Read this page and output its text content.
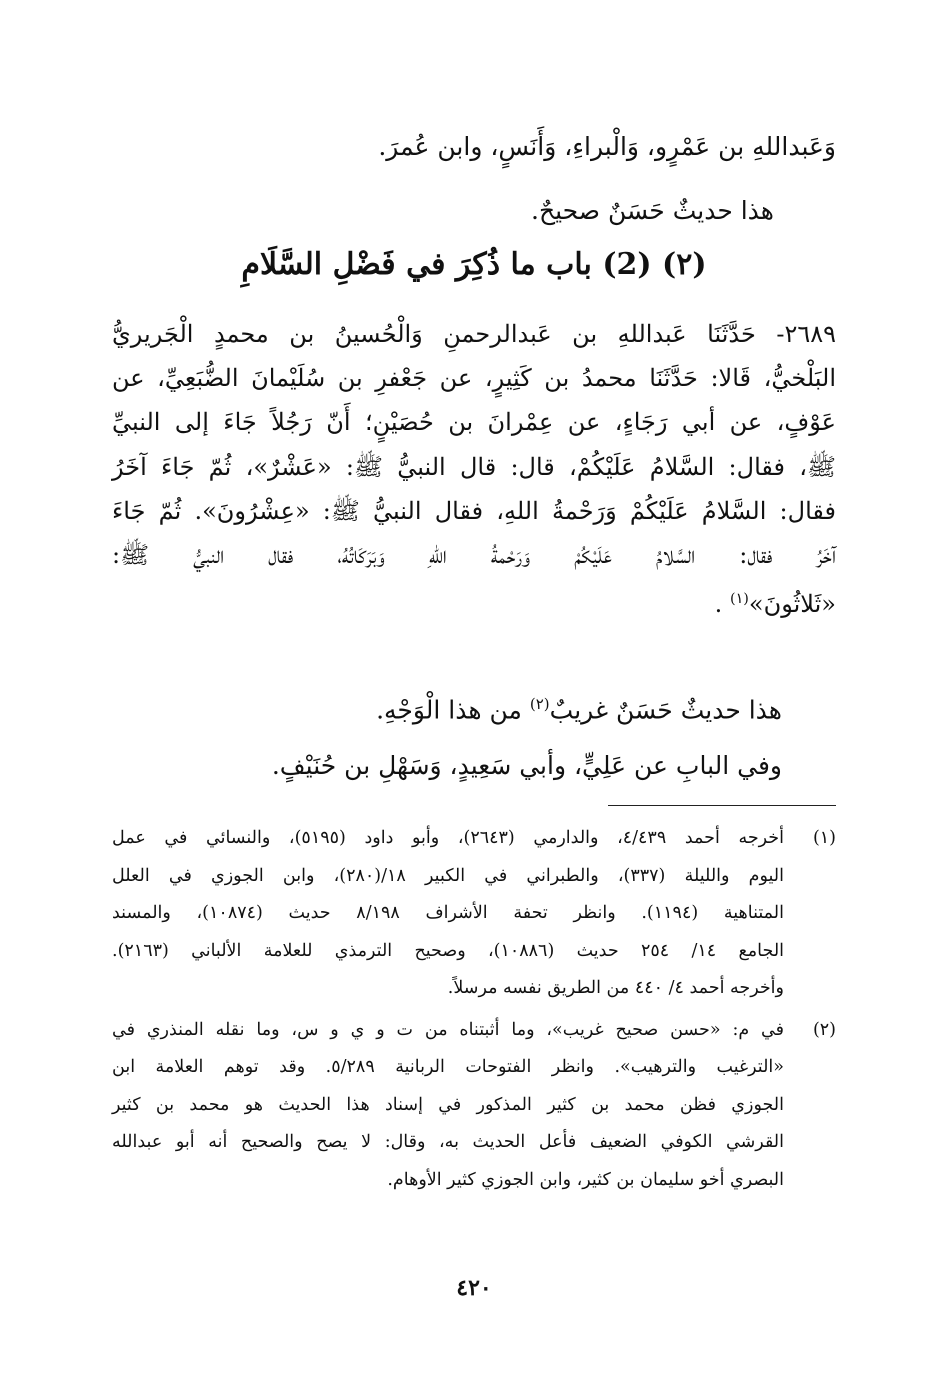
وَعَبداللهِ بن عَمْرٍو، وَالْبراءِ، وَأَنَسٍ، وابن عُمرَ.
هذا حديثٌ حَسَنٌ صحيحٌ.
(٢) (2) باب ما ذُكِرَ في فَضْلِ السَّلَامِ
٢٦٨٩- حَدَّثَنَا عَبداللهِ بن عَبدالرحمنِ وَالْحُسينُ بن محمدٍ الْجَريريُّ
البَلْخيُّ، قَالا: حَدَّثَنَا محمدُ بن كَثِيرٍ، عن جَعْفرِ بن سُلَيْمانَ الضُّبَعِيِّ، عن
عَوْفٍ، عن أبي رَجَاءٍ، عن عِمْرانَ بن حُصَيْنٍ؛ أَنّ رَجُلاً جَاءَ إلى النبيِّ
ﷺ، فقال: السَّلامُ عَلَيْكُمْ، قال: قال النبيُّ ﷺ: «عَشْرٌ»، ثُمّ جَاءَ آخَرُ
فقال: السَّلامُ عَلَيْكُمْ وَرَحْمةُ اللهِ، فقال النبيُّ ﷺ: «عِشْرُونَ». ثُمّ جَاءَ
آخَرُ فقال: السَّلامُ عَلَيْكُمْ وَرَحْمةُ اللهِ وَبَرَكَاتُهُ، فقال النبيُّ ﷺ:
«ثَلاثُونَ»$^{(١)}$ .
هذا حديثٌ حَسَنٌ غريبٌ$^{(٢)}$ من هذا الْوَجْهِ.
وفي البابِ عن عَلِيٍّ، وأبي سَعِيدٍ، وَسَهْلِ بن حُنَيْفٍ.
(١)
أخرجه أحمد ٤/٤٣٩، والدارمي (٢٦٤٣)، وأبو داود (٥١٩٥)، والنسائي في عمل
اليوم والليلة (٣٣٧)، والطبراني في الكبير ١٨/(٢٨٠)، وابن الجوزي في العلل
المتناهية (١١٩٤). وانظر تحفة الأشراف ٨/١٩٨ حديث (١٠٨٧٤)، والمسند
الجامع ١٤/ ٢٥٤ حديث (١٠٨٨٦)، وصحيح الترمذي للعلامة الألباني (٢١٦٣).
وأخرجه أحمد ٤/ ٤٤٠ من الطريق نفسه مرسلاً.
(٢)
في م: «حسن صحيح غريب»، وما أثبتناه من ت و ي و س، وما نقله المنذري في
«الترغيب والترهيب». وانظر الفتوحات الربانية ٥/٢٨٩. وقد توهم العلامة ابن
الجوزي فظن محمد بن كثير المذكور في إسناد هذا الحديث هو محمد بن كثير
القرشي الكوفي الضعيف فأعل الحديث به، وقال: لا يصح والصحيح أنه أبو عبدالله
البصري أخو سليمان بن كثير، وابن الجوزي كثير الأوهام.
٤٢٠
